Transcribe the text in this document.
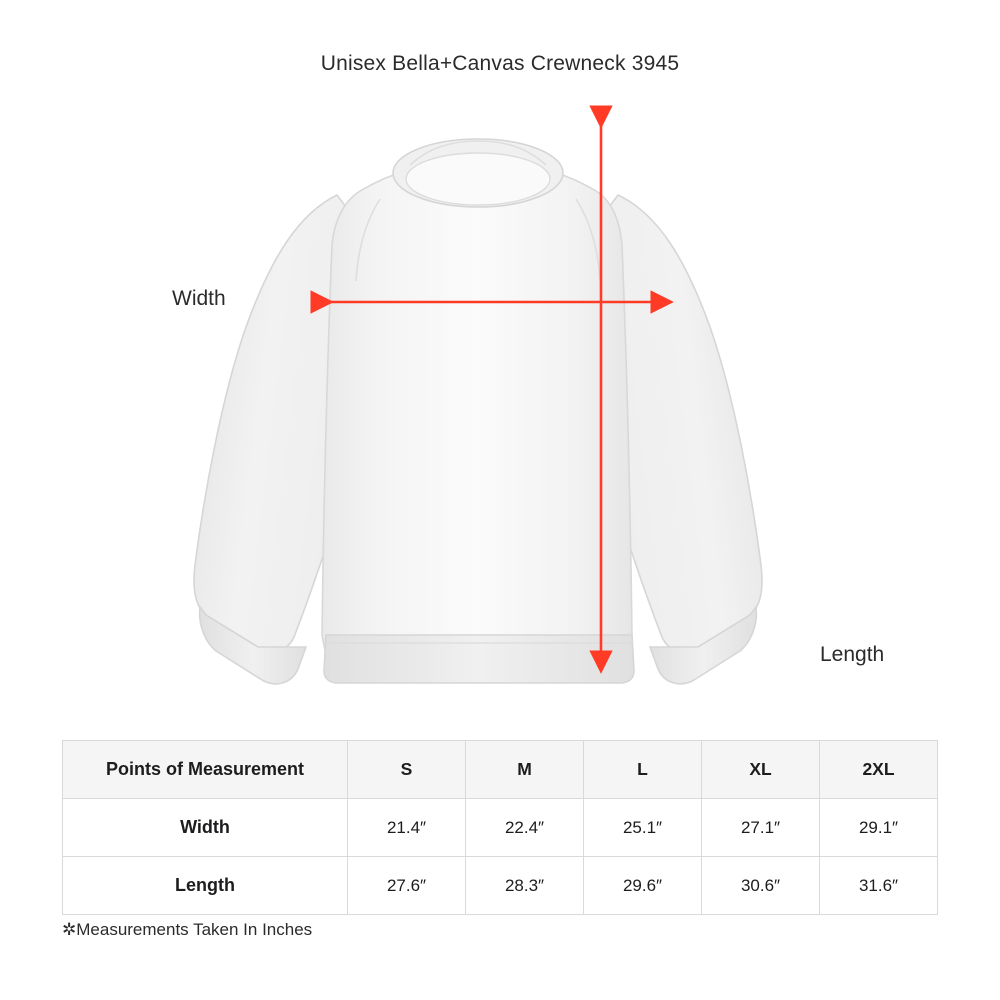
Unisex Bella+Canvas Crewneck 3945
Width
Length
Points of Measurement	S	M	L	XL	2XL
Width	21.4″	22.4″	25.1″	27.1″	29.1″
Length	27.6″	28.3″	29.6″	30.6″	31.6″
✲Measurements Taken In Inches
